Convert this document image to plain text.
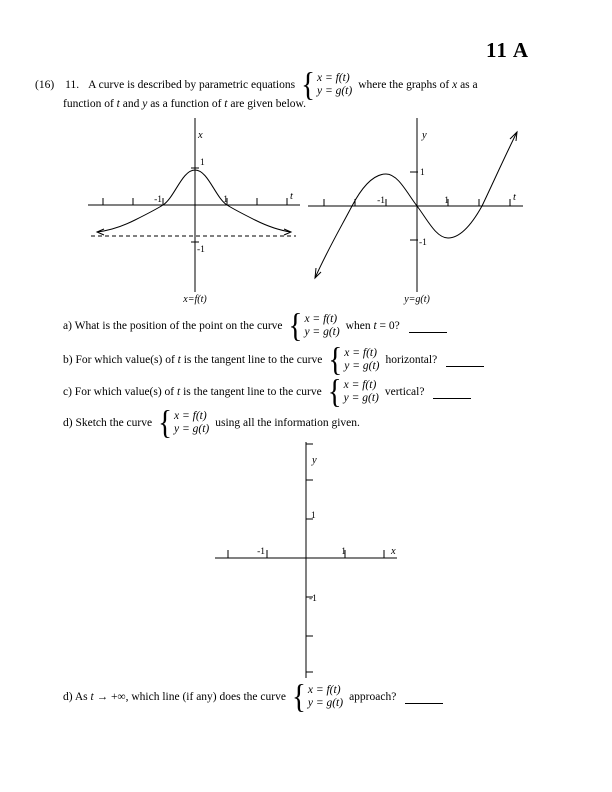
11 A
(16) 11. A curve is described by parametric equations { x = f(t)
y = g(t) where the graphs of x as a
function of t and y as a function of t are given below.
-1	1
1
-1
x
t
x=f(t)
-1	1
1
-1
y
t
y=g(t)
a) What is the position of the point on the curve { x = f(t)
y = g(t) when t = 0?
b) For which value(s) of t is the tangent line to the curve { x = f(t)
y = g(t) horizontal?
c) For which value(s) of t is the tangent line to the curve { x = f(t)
y = g(t) vertical?
d) Sketch the curve { x = f(t)
y = g(t) using all the information given.
1
-1
-1	1
y
x
d) As t → +∞, which line (if any) does the curve { x = f(t)
y = g(t) approach?
